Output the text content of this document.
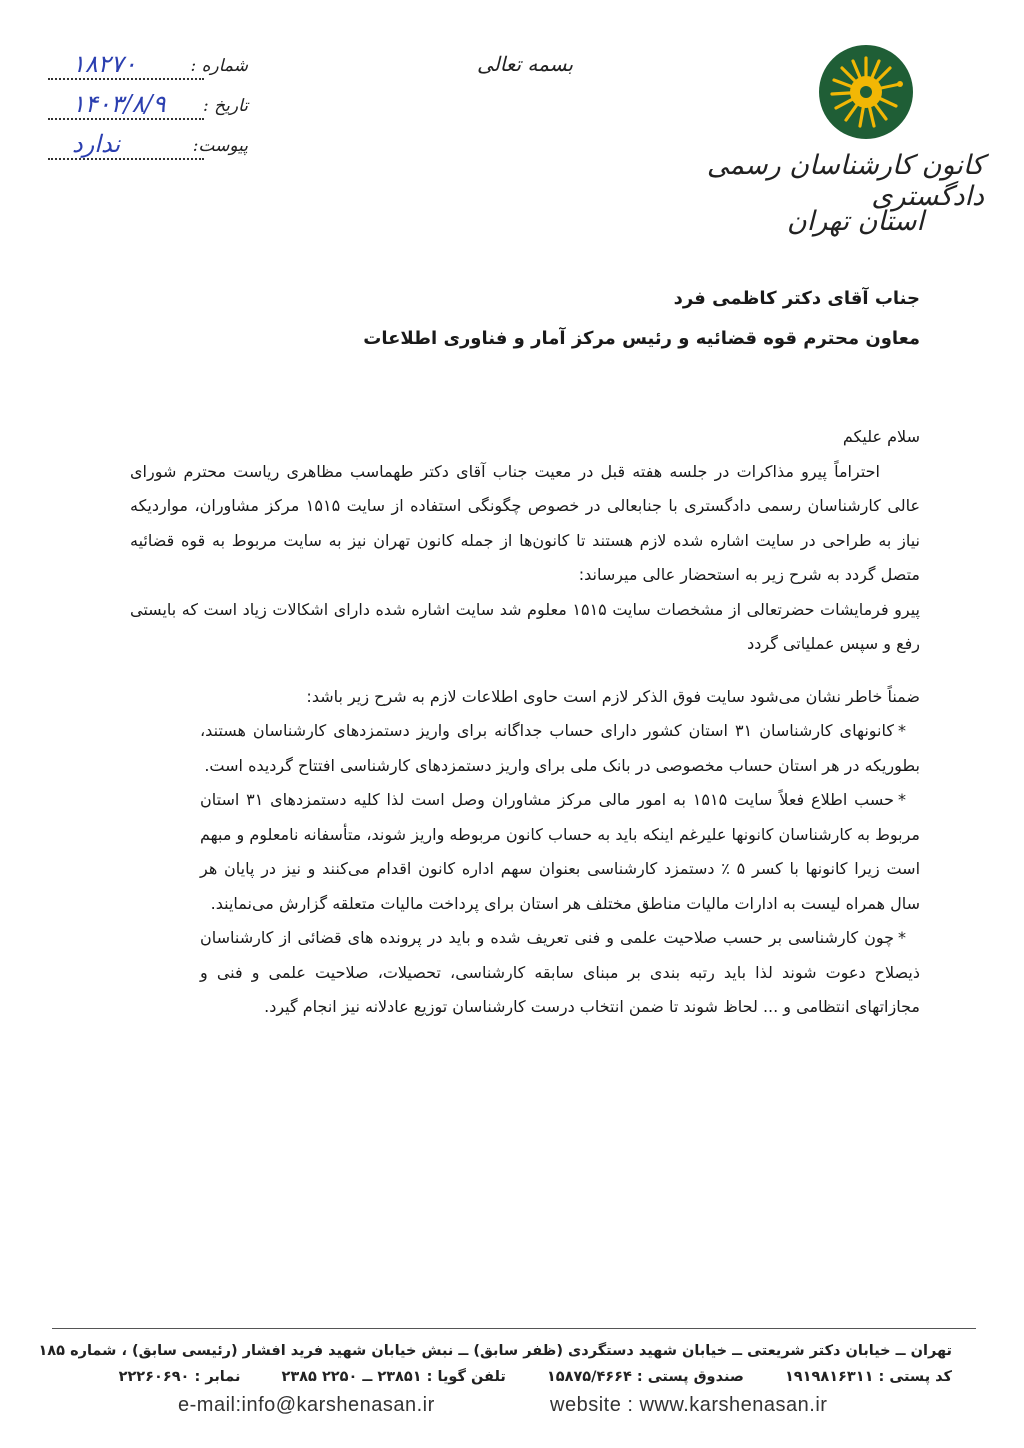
شماره :
۱۸۲۷۰
تاریخ :
۱۴۰۳/۸/۹
پیوست:
ندارد
بسمه تعالی
کانون کارشناسان رسمی دادگستری
استان تهران
جناب آقای دکتر کاظمی فرد
معاون محترم قوه قضائیه و رئیس مرکز آمار و فناوری اطلاعات

سلام علیکم

احتراماً پیرو مذاکرات در جلسه هفته قبل در معیت جناب آقای دکتر طهماسب مظاهری ریاست محترم شورای عالی کارشناسان رسمی دادگستری با جنابعالی در خصوص چگونگی استفاده از سایت ۱۵۱۵ مرکز مشاوران، مواردیکه نیاز به طراحی در سایت اشاره شده لازم هستند تا کانون‌ها از جمله کانون تهران نیز به سایت مربوط به قوه قضائیه متصل گردد به شرح زیر به استحضار عالی میرساند:

پیرو فرمایشات حضرتعالی از مشخصات سایت ۱۵۱۵ معلوم شد سایت اشاره شده دارای اشکالات زیاد است که بایستی رفع و سپس عملیاتی گردد

ضمناً خاطر نشان می‌شود سایت فوق الذکر لازم است حاوی اطلاعات لازم به شرح زیر باشد:

* کانونهای کارشناسان ۳۱ استان کشور دارای حساب جداگانه برای واریز دستمزدهای کارشناسان هستند، بطوریکه در هر استان حساب مخصوصی در بانک ملی برای واریز دستمزدهای کارشناسی افتتاح گردیده است.
* حسب اطلاع فعلاً سایت ۱۵۱۵ به امور مالی مرکز مشاوران وصل است لذا کلیه دستمزدهای ۳۱ استان مربوط به کارشناسان کانونها علیرغم اینکه باید به حساب کانون مربوطه واریز شوند، متأسفانه نامعلوم و مبهم است زیرا کانونها با کسر ۵ ٪ دستمزد کارشناسی بعنوان سهم اداره کانون اقدام می‌کنند و نیز در پایان هر سال همراه لیست به ادارات مالیات مناطق مختلف هر استان برای پرداخت مالیات متعلقه گزارش می‌نمایند.
* چون کارشناسی بر حسب صلاحیت علمی و فنی تعریف شده و باید در پرونده های قضائی از کارشناسان ذیصلاح دعوت شوند لذا باید رتبه بندی بر مبنای سابقه کارشناسی، تحصیلات، صلاحیت علمی و فنی و مجازاتهای انتظامی و ... لحاظ شوند تا ضمن انتخاب درست کارشناسان توزیع عادلانه نیز انجام گیرد.
تهران ــ خیابان دکتر شریعتی ــ خیابان شهید دستگردی (ظفر سابق) ــ نبش خیابان شهید فرید افشار (رئیسی سابق) ، شماره ۱۸۵
کد پستی : ۱۹۱۹۸۱۶۳۱۱ صندوق پستی : ۱۵۸۷۵/۴۶۶۴ تلفن گویا : ۲۳۸۵۱ ــ ۲۲۵۰ ۲۳۸۵ نمابر : ۲۲۲۶۰۶۹۰
e-mail:info@karshenasan.ir	website : www.karshenasan.ir
